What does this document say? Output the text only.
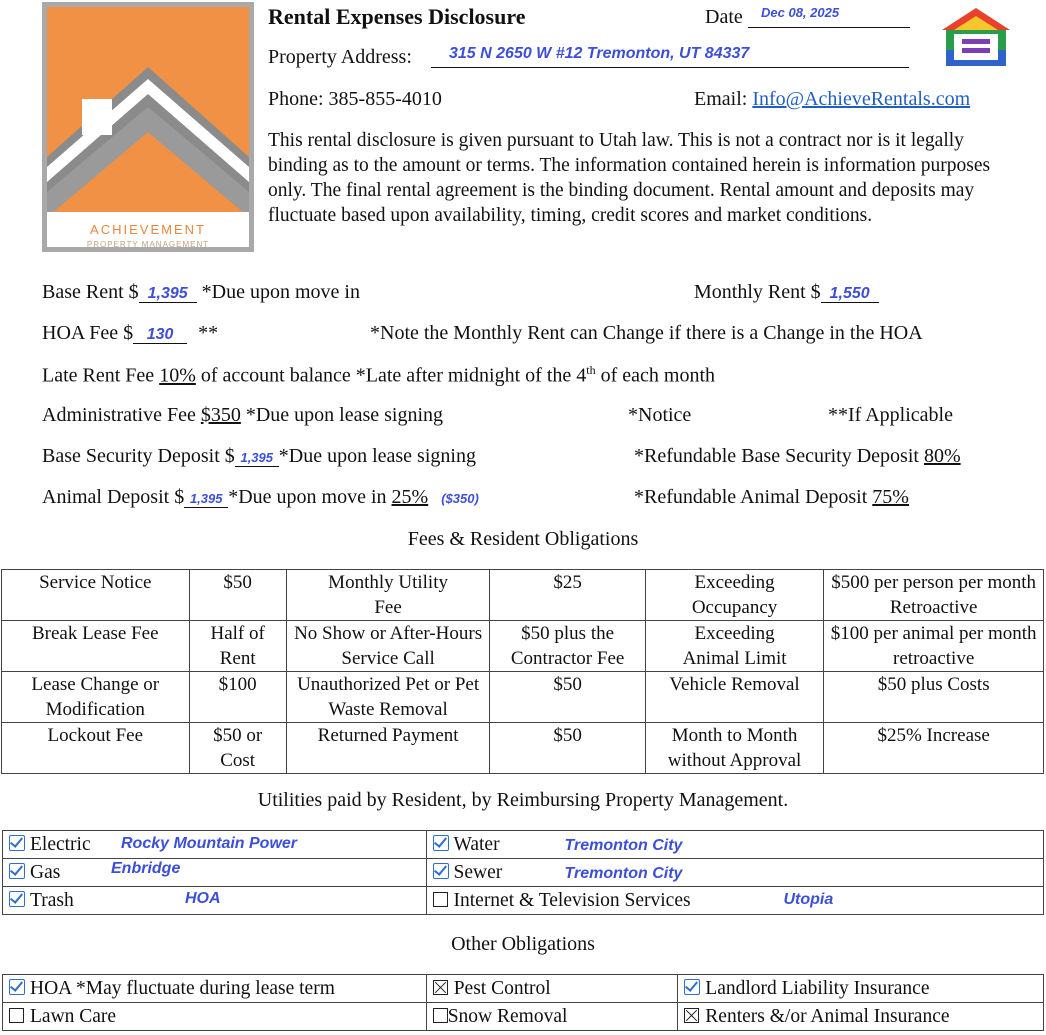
ACHIEVEMENT
PROPERTY MANAGEMENT
Rental Expenses Disclosure	Date Dec 08, 2025
Property Address: 315 N 2650 W #12 Tremonton, UT 84337
Phone: 385-855-4010	Email: Info@AchieveRentals.com
This rental disclosure is given pursuant to Utah law. This is not a contract nor is it legally binding as to the amount or terms. The information contained herein is information purposes only. The final rental agreement is the binding document. Rental amount and deposits may fluctuate based upon availability, timing, credit scores and market conditions.
Base Rent $ 1,395 *Due upon move in	Monthly Rent $ 1,550
HOA Fee $ 130 **	*Note the Monthly Rent can Change if there is a Change in the HOA
Late Rent Fee 10% of account balance *Late after midnight of the 4th of each month
Administrative Fee $350 *Due upon lease signing	*Notice	**If Applicable
Base Security Deposit $ 1,395 *Due upon lease signing	*Refundable Base Security Deposit 80%
Animal Deposit $ 1,395 *Due upon move in 25% ($350)	*Refundable Animal Deposit 75%
Fees & Resident Obligations
Service Notice	$50	Monthly Utility Fee	$25	Exceeding Occupancy	$500 per person per month Retroactive
Break Lease Fee	Half of Rent	No Show or After-Hours Service Call	$50 plus the Contractor Fee	Exceeding Animal Limit	$100 per animal per month retroactive
Lease Change or Modification	$100	Unauthorized Pet or Pet Waste Removal	$50	Vehicle Removal	$50 plus Costs
Lockout Fee	$50 or Cost	Returned Payment	$50	Month to Month without Approval	$25% Increase
Utilities paid by Resident, by Reimbursing Property Management.
Electric Rocky Mountain Power	Water Tremonton City

Gas Enbridge	Sewer Tremonton City

Trash HOA	Internet & Television Services Utopia
Other Obligations
HOA *May fluctuate during lease term	Pest Control	Landlord Liability Insurance
Lawn Care	Snow Removal	Renters &/or Animal Insurance
